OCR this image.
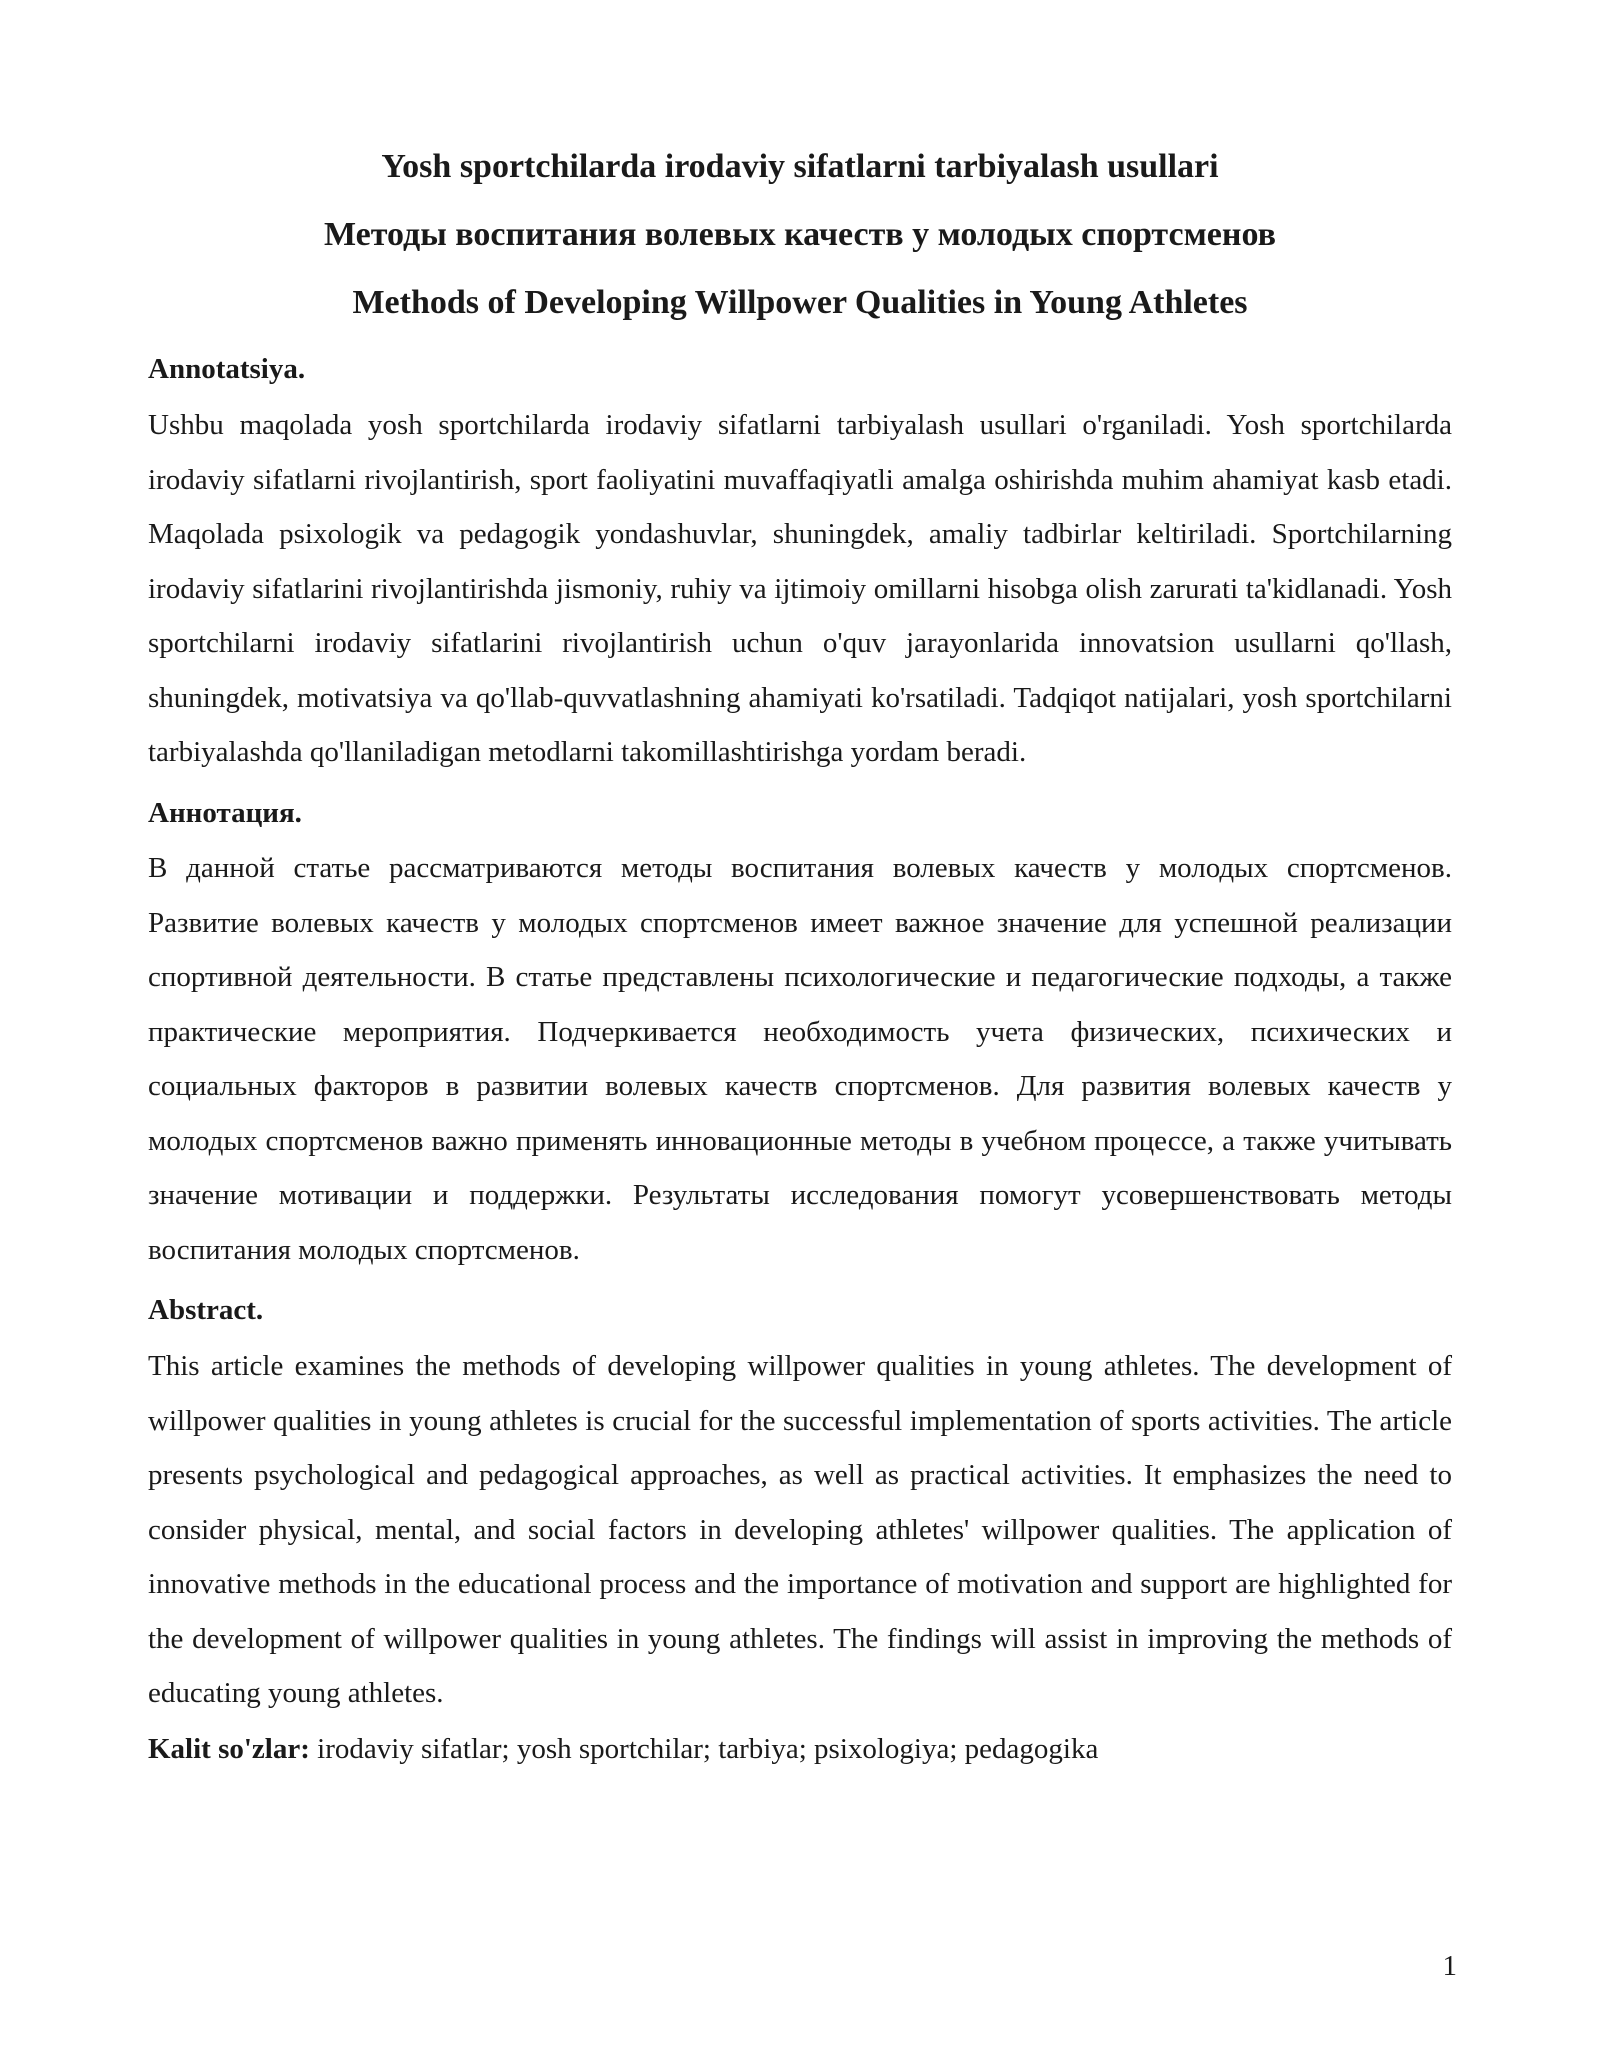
Yosh sportchilarda irodaviy sifatlarni tarbiyalash usullari
Методы воспитания волевых качеств у молодых спортсменов
Methods of Developing Willpower Qualities in Young Athletes
Annotatsiya.

Ushbu maqolada yosh sportchilarda irodaviy sifatlarni tarbiyalash usullari o'rganiladi. Yosh sportchilarda irodaviy sifatlarni rivojlantirish, sport faoliyatini muvaffaqiyatli amalga oshirishda muhim ahamiyat kasb etadi. Maqolada psixologik va pedagogik yondashuvlar, shuningdek, amaliy tadbirlar keltiriladi. Sportchilarning irodaviy sifatlarini rivojlantirishda jismoniy, ruhiy va ijtimoiy omillarni hisobga olish zarurati ta'kidlanadi. Yosh sportchilarni irodaviy sifatlarini rivojlantirish uchun o'quv jarayonlarida innovatsion usullarni qo'llash, shuningdek, motivatsiya va qo'llab-quvvatlashning ahamiyati ko'rsatiladi. Tadqiqot natijalari, yosh sportchilarni tarbiyalashda qo'llaniladigan metodlarni takomillashtirishga yordam beradi.

Аннотация.

В данной статье рассматриваются методы воспитания волевых качеств у молодых спортсменов. Развитие волевых качеств у молодых спортсменов имеет важное значение для успешной реализации спортивной деятельности. В статье представлены психологические и педагогические подходы, а также практические мероприятия. Подчеркивается необходимость учета физических, психических и социальных факторов в развитии волевых качеств спортсменов. Для развития волевых качеств у молодых спортсменов важно применять инновационные методы в учебном процессе, а также учитывать значение мотивации и поддержки. Результаты исследования помогут усовершенствовать методы воспитания молодых спортсменов.

Abstract.

This article examines the methods of developing willpower qualities in young athletes. The development of willpower qualities in young athletes is crucial for the successful implementation of sports activities. The article presents psychological and pedagogical approaches, as well as practical activities. It emphasizes the need to consider physical, mental, and social factors in developing athletes' willpower qualities. The application of innovative methods in the educational process and the importance of motivation and support are highlighted for the development of willpower qualities in young athletes. The findings will assist in improving the methods of educating young athletes.

Kalit so'zlar: irodaviy sifatlar; yosh sportchilar; tarbiya; psixologiya; pedagogika

1
